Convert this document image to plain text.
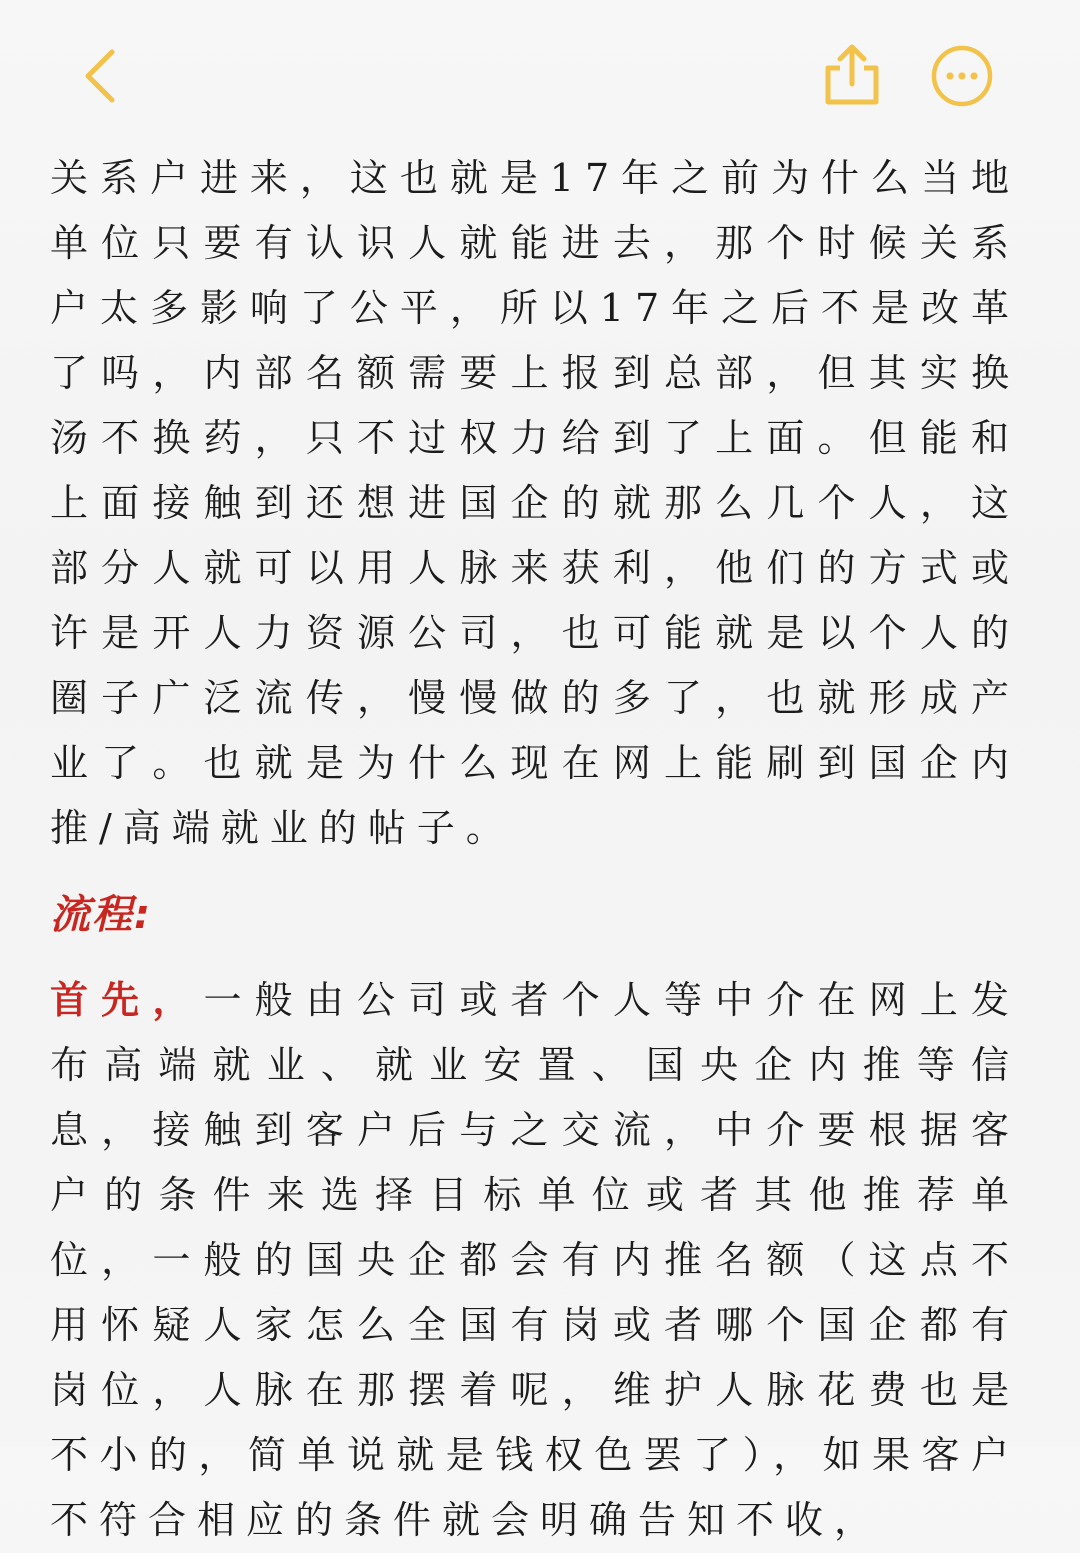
关系户进来，这也就是17年之前为什么当地单位只要有认识人就能进去，那个时候关系户太多影响了公平，所以17年之后不是改革了吗，内部名额需要上报到总部，但其实换汤不换药，只不过权力给到了上面。但能和上面接触到还想进国企的就那么几个人，这部分人就可以用人脉来获利，他们的方式或许是开人力资源公司，也可能就是以个人的圈子广泛流传，慢慢做的多了，也就形成产业了。也就是为什么现在网上能刷到国企内推/高端就业的帖子。

流程:

首先，一般由公司或者个人等中介在网上发布高端就业、就业安置、国央企内推等信息，接触到客户后与之交流，中介要根据客户的条件来选择目标单位或者其他推荐单位，一般的国央企都会有内推名额（这点不用怀疑人家怎么全国有岗或者哪个国企都有岗位，人脉在那摆着呢，维护人脉花费也是不小的，简单说就是钱权色罢了），如果客户不符合相应的条件就会明确告知不收，
